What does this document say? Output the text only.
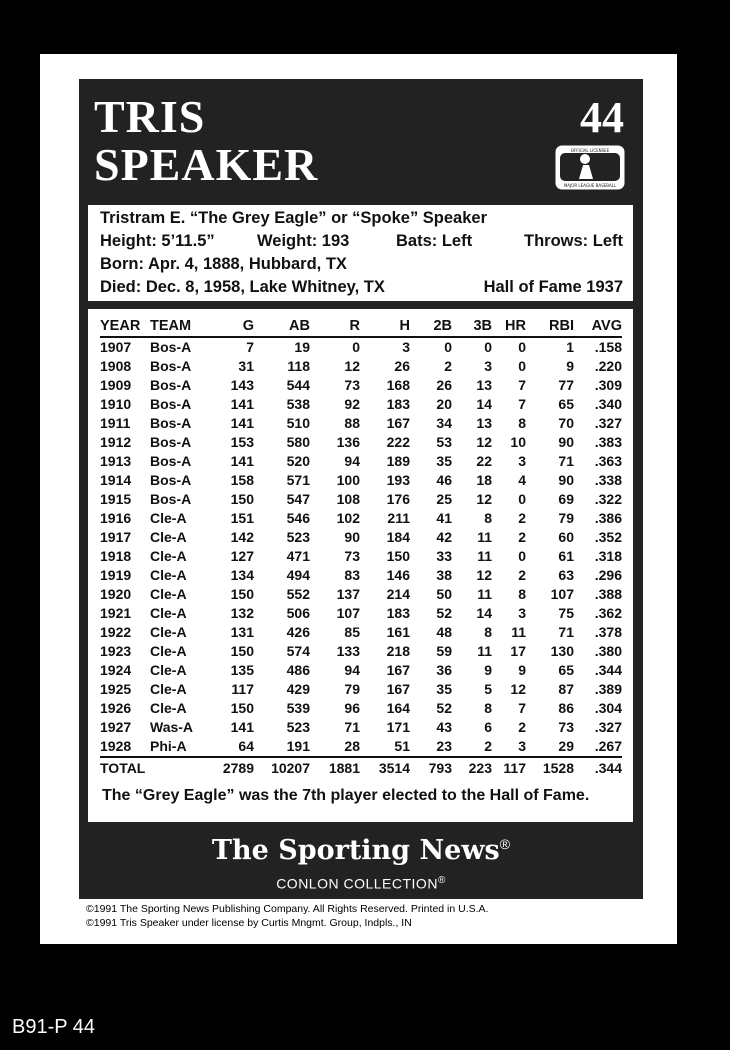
TRIS
SPEAKER
44
OFFICIAL LICENSEE
MAJOR LEAGUE BASEBALL
Tristram E. “The Grey Eagle” or “Spoke” Speaker
Height: 5’11.5”	Weight: 193	Bats: Left	Throws: Left
Born: Apr. 4, 1888, Hubbard, TX
Died: Dec. 8, 1958, Lake Whitney, TX	Hall of Fame 1937
YEAR	TEAM	G	AB	R	H	2B	3B	HR	RBI	AVG
1907	Bos-A	7	19	0	3	0	0	0	1	.158
1908	Bos-A	31	118	12	26	2	3	0	9	.220
1909	Bos-A	143	544	73	168	26	13	7	77	.309
1910	Bos-A	141	538	92	183	20	14	7	65	.340
1911	Bos-A	141	510	88	167	34	13	8	70	.327
1912	Bos-A	153	580	136	222	53	12	10	90	.383
1913	Bos-A	141	520	94	189	35	22	3	71	.363
1914	Bos-A	158	571	100	193	46	18	4	90	.338
1915	Bos-A	150	547	108	176	25	12	0	69	.322
1916	Cle-A	151	546	102	211	41	8	2	79	.386
1917	Cle-A	142	523	90	184	42	11	2	60	.352
1918	Cle-A	127	471	73	150	33	11	0	61	.318
1919	Cle-A	134	494	83	146	38	12	2	63	.296
1920	Cle-A	150	552	137	214	50	11	8	107	.388
1921	Cle-A	132	506	107	183	52	14	3	75	.362
1922	Cle-A	131	426	85	161	48	8	11	71	.378
1923	Cle-A	150	574	133	218	59	11	17	130	.380
1924	Cle-A	135	486	94	167	36	9	9	65	.344
1925	Cle-A	117	429	79	167	35	5	12	87	.389
1926	Cle-A	150	539	96	164	52	8	7	86	.304
1927	Was-A	141	523	71	171	43	6	2	73	.327
1928	Phi-A	64	191	28	51	23	2	3	29	.267
TOTAL		2789	10207	1881	3514	793	223	117	1528	.344
The “Grey Eagle” was the 7th player elected to the Hall of Fame.
The Sporting News®
CONLON COLLECTION®
©1991 The Sporting News Publishing Company. All Rights Reserved. Printed in U.S.A.
©1991 Tris Speaker under license by Curtis Mngmt. Group, Indpls., IN
B91-P 44
